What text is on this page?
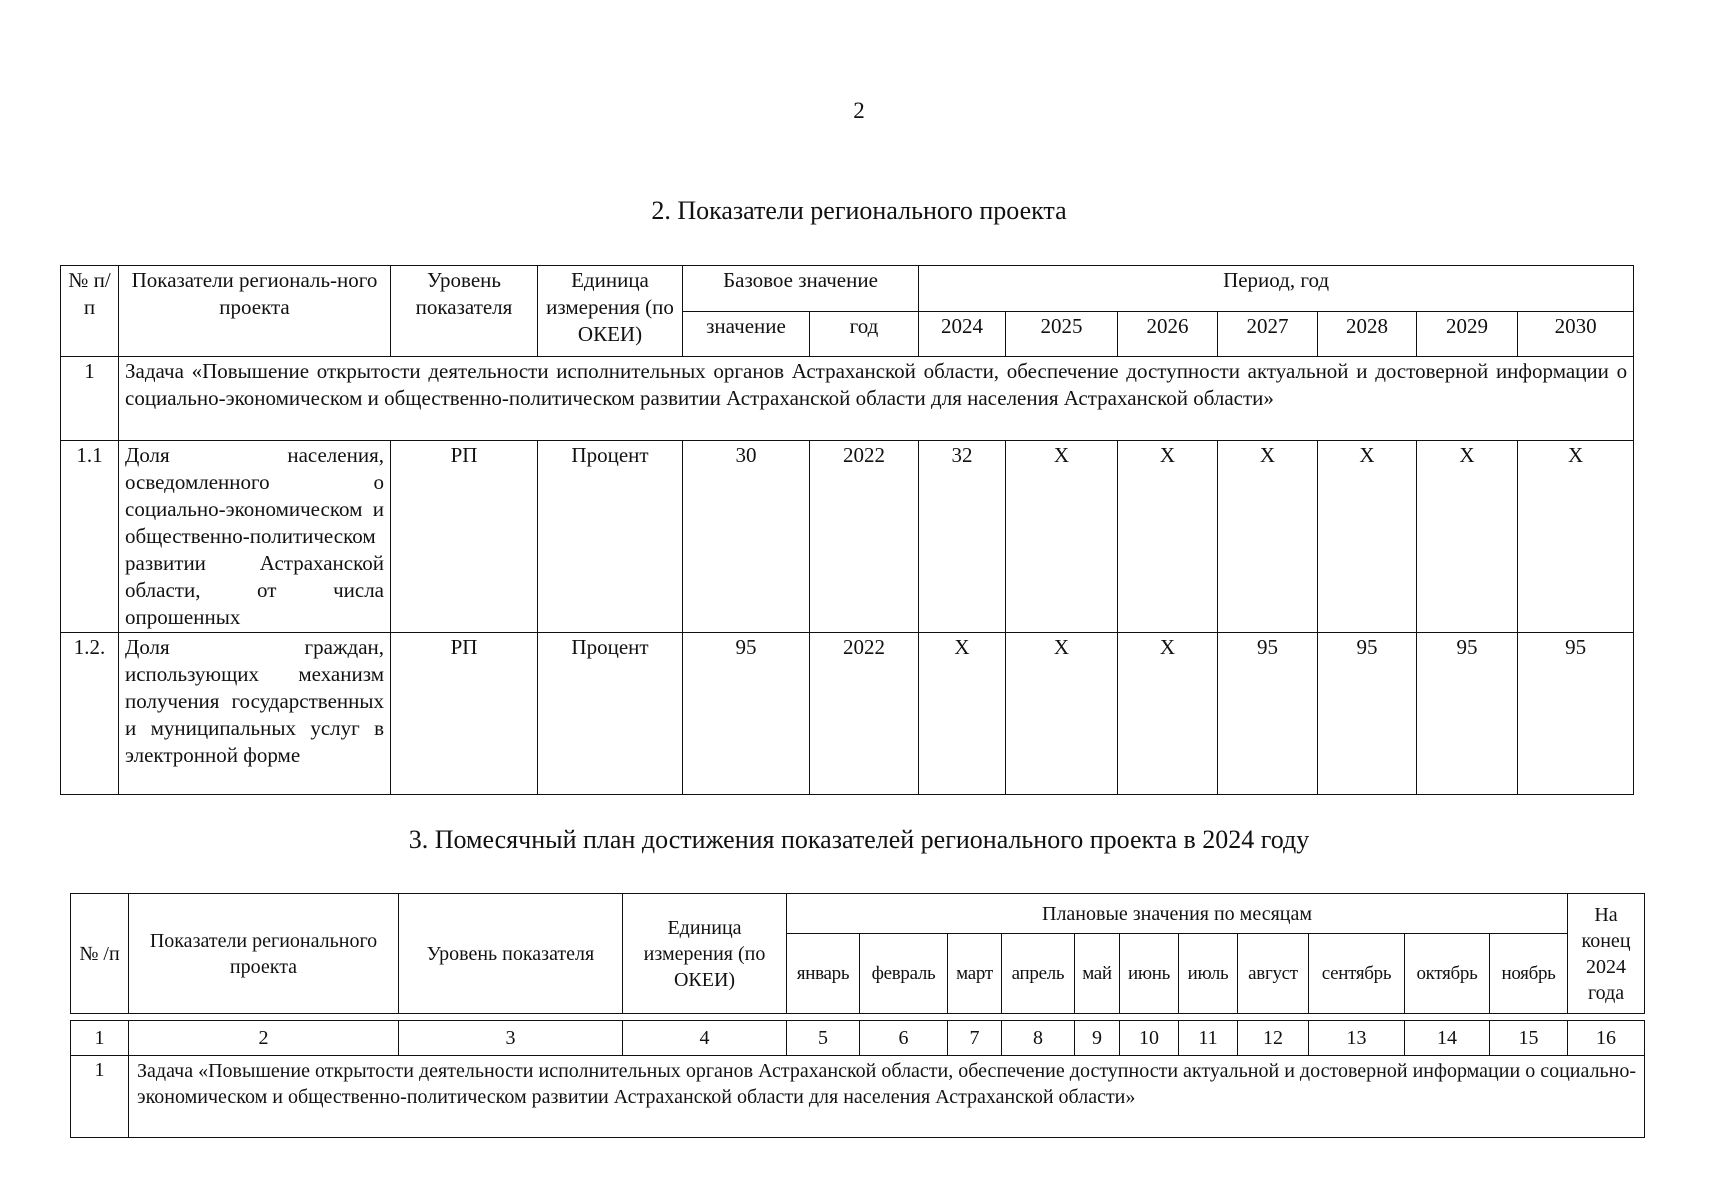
2
2. Показатели регионального проекта
№ п/п	Показатели региональ-ного проекта	Уровень показателя	Единица измерения (по ОКЕИ)	Базовое значение		Период, год						
				значение	год	2024	2025	2026	2027	2028	2029	2030
1	Задача «Повышение открытости деятельности исполнительных органов Астраханской области, обеспечение доступности актуальной и достоверной информации о социально-экономическом и общественно-политическом развитии Астраханской области для населения Астраханской области»											
1.1	Доля населения, осведомленного о социально-экономическом и общественно-политическом развитии Астраханской области, от числа опрошенных	РП	Процент	30	2022	32	X	X	X	X	X	X
1.2.	Доля граждан, использующих механизм получения государственных и муниципальных услуг в электронной форме	РП	Процент	95	2022	X	X	X	95	95	95	95
3. Помесячный план достижения показателей регионального проекта в 2024 году
№ /п	Показатели регионального проекта	Уровень показателя	Единица измерения (по ОКЕИ)	Плановые значения по месяцам											На конец 2024 года
				январь	февраль	март	апрель	май	июнь	июль	август	сентябрь	октябрь	ноябрь	

1	2	3	4	5	6	7	8	9	10	11	12	13	14	15	16
1	Задача «Повышение открытости деятельности исполнительных органов Астраханской области, обеспечение доступности актуальной и достоверной информации о социально-экономическом и общественно-политическом развитии Астраханской области для населения Астраханской области»														
